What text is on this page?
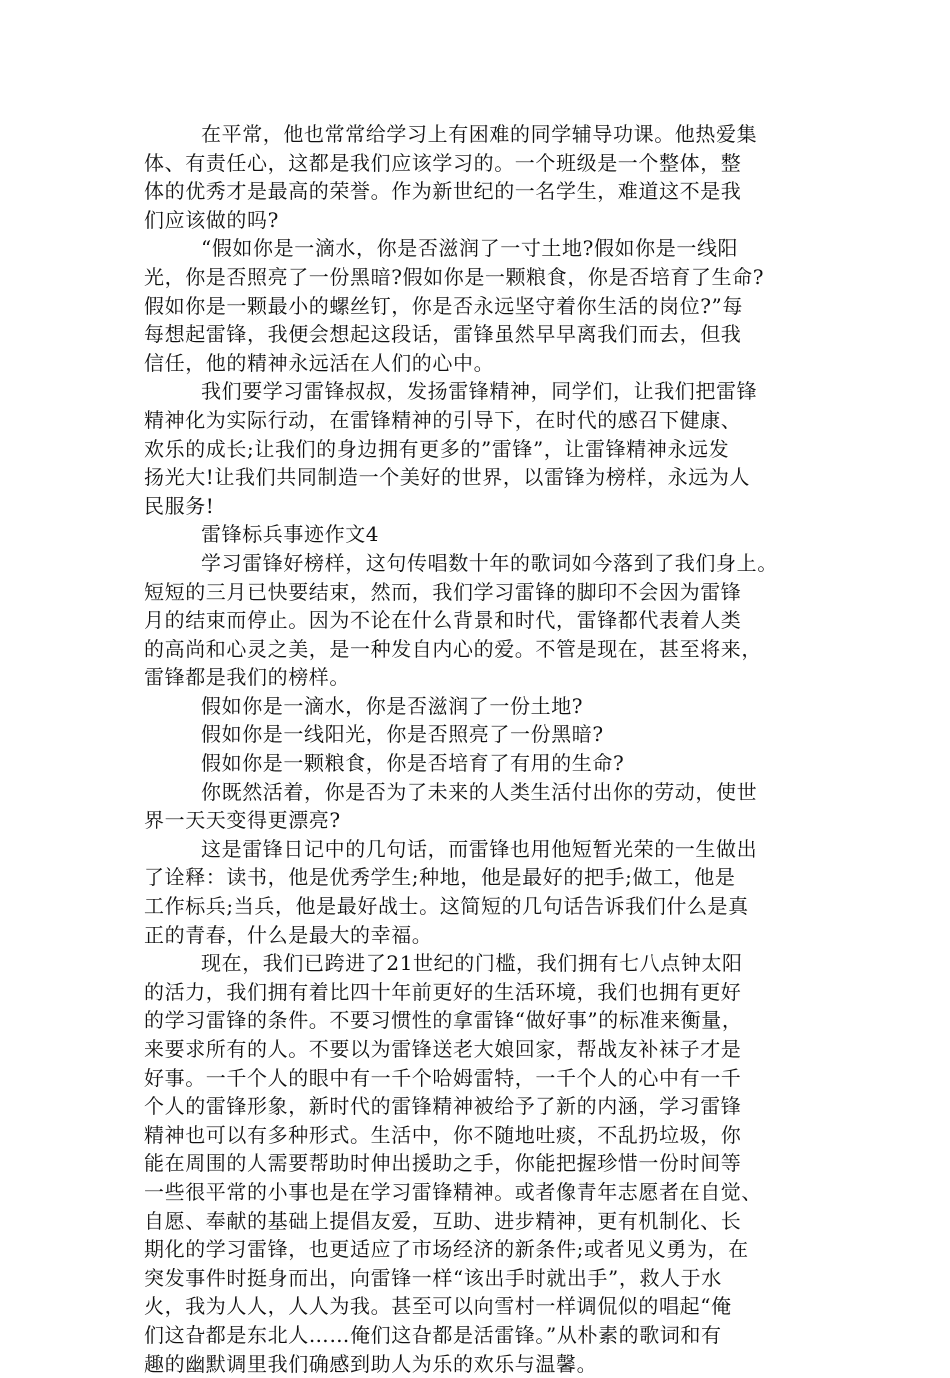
在平常，他也常常给学习上有困难的同学辅导功课。他热爱集
体、有责任心，这都是我们应该学习的。一个班级是一个整体，整
体的优秀才是最高的荣誉。作为新世纪的一名学生，难道这不是我
们应该做的吗?
“假如你是一滴水，你是否滋润了一寸土地?假如你是一线阳
光，你是否照亮了一份黑暗?假如你是一颗粮食，你是否培育了生命?
假如你是一颗最小的螺丝钉，你是否永远坚守着你生活的岗位?”每
每想起雷锋，我便会想起这段话，雷锋虽然早早离我们而去，但我
信任，他的精神永远活在人们的心中。
我们要学习雷锋叔叔，发扬雷锋精神，同学们，让我们把雷锋
精神化为实际行动，在雷锋精神的引导下，在时代的感召下健康、
欢乐的成长;让我们的身边拥有更多的”雷锋”，让雷锋精神永远发
扬光大!让我们共同制造一个美好的世界，以雷锋为榜样，永远为人
民服务!
雷锋标兵事迹作文4
学习雷锋好榜样，这句传唱数十年的歌词如今落到了我们身上。
短短的三月已快要结束，然而，我们学习雷锋的脚印不会因为雷锋
月的结束而停止。因为不论在什么背景和时代，雷锋都代表着人类
的高尚和心灵之美，是一种发自内心的爱。不管是现在，甚至将来，
雷锋都是我们的榜样。
假如你是一滴水，你是否滋润了一份土地?
假如你是一线阳光，你是否照亮了一份黑暗?
假如你是一颗粮食，你是否培育了有用的生命?
你既然活着，你是否为了未来的人类生活付出你的劳动，使世
界一天天变得更漂亮?
这是雷锋日记中的几句话，而雷锋也用他短暂光荣的一生做出
了诠释：读书，他是优秀学生;种地，他是最好的把手;做工，他是
工作标兵;当兵，他是最好战士。这简短的几句话告诉我们什么是真
正的青春，什么是最大的幸福。
现在，我们已跨进了21世纪的门槛，我们拥有七八点钟太阳
的活力，我们拥有着比四十年前更好的生活环境，我们也拥有更好
的学习雷锋的条件。不要习惯性的拿雷锋“做好事”的标准来衡量，
来要求所有的人。不要以为雷锋送老大娘回家，帮战友补袜子才是
好事。一千个人的眼中有一千个哈姆雷特，一千个人的心中有一千
个人的雷锋形象，新时代的雷锋精神被给予了新的内涵，学习雷锋
精神也可以有多种形式。生活中，你不随地吐痰，不乱扔垃圾，你
能在周围的人需要帮助时伸出援助之手，你能把握珍惜一份时间等
一些很平常的小事也是在学习雷锋精神。或者像青年志愿者在自觉、
自愿、奉献的基础上提倡友爱，互助、进步精神，更有机制化、长
期化的学习雷锋，也更适应了市场经济的新条件;或者见义勇为，在
突发事件时挺身而出，向雷锋一样“该出手时就出手”，救人于水
火，我为人人，人人为我。甚至可以向雪村一样调侃似的唱起“俺
们这旮都是东北人……俺们这旮都是活雷锋。”从朴素的歌词和有
趣的幽默调里我们确感到助人为乐的欢乐与温馨。
